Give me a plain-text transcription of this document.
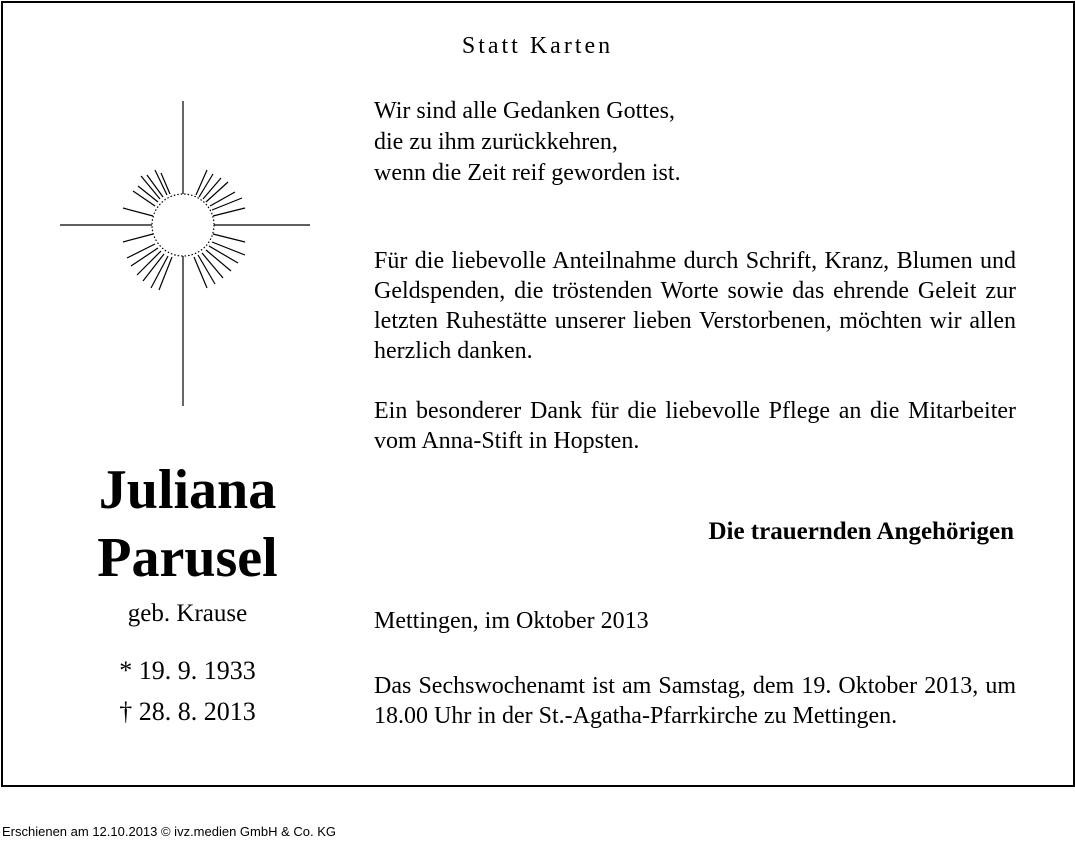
Statt Karten
Juliana
Parusel
geb. Krause
* 19. 9. 1933
† 28. 8. 2013
Wir sind alle Gedanken Gottes,
die zu ihm zurückkehren,
wenn die Zeit reif geworden ist.
Für die liebevolle Anteilnahme durch Schrift, Kranz, Blumen und Geldspenden, die tröstenden Worte sowie das ehrende Geleit zur letzten Ruhestätte unserer lieben Verstorbenen, möchten wir allen herzlich danken.
Ein besonderer Dank für die liebevolle Pflege an die Mitarbeiter vom Anna-Stift in Hopsten.
Die trauernden Angehörigen
Mettingen, im Oktober 2013
Das Sechswochenamt ist am Samstag, dem 19. Oktober 2013, um 18.00 Uhr in der St.-Agatha-Pfarrkirche zu Mettingen.
Erschienen am 12.10.2013 © ivz.medien GmbH & Co. KG
